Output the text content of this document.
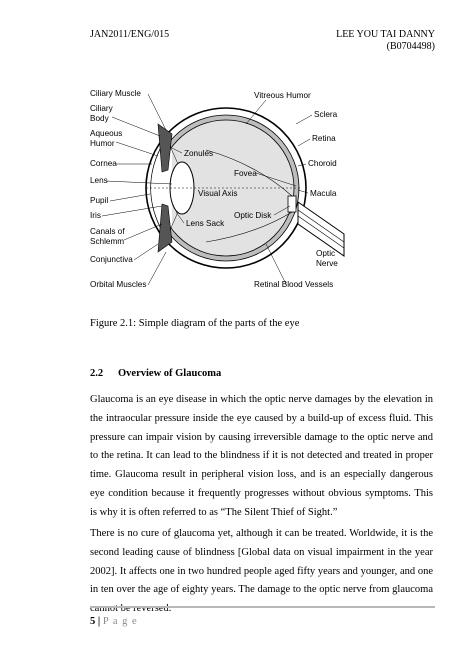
JAN2011/ENG/015	LEE YOU TAI DANNY
(B0704498)
Ciliary Muscle
Ciliary
Body
Aqueous
Humor
Cornea
Lens
Pupil
Iris
Canals of
Schlemm
Conjunctiva
Orbital Muscles
Zonules
Visual Axis
Lens Sack
Fovea
Optic Disk
Vitreous Humor
Sclera
Retina
Choroid
Macula
Optic
Nerve
Retinal Blood Vessels
Figure 2.1: Simple diagram of the parts of the eye
2.2 Overview of Glaucoma

Glaucoma is an eye disease in which the optic nerve damages by the elevation in the intraocular pressure inside the eye caused by a build-up of excess fluid. This pressure can impair vision by causing irreversible damage to the optic nerve and to the retina. It can lead to the blindness if it is not detected and treated in proper time. Glaucoma result in peripheral vision loss, and is an especially dangerous eye condition because it frequently progresses without obvious symptoms. This is why it is often referred to as “The Silent Thief of Sight.”

There is no cure of glaucoma yet, although it can be treated. Worldwide, it is the second leading cause of blindness [Global data on visual impairment in the year 2002]. It affects one in two hundred people aged fifty years and younger, and one in ten over the age of eighty years. The damage to the optic nerve from glaucoma cannot be reversed.

5 | P a g e
